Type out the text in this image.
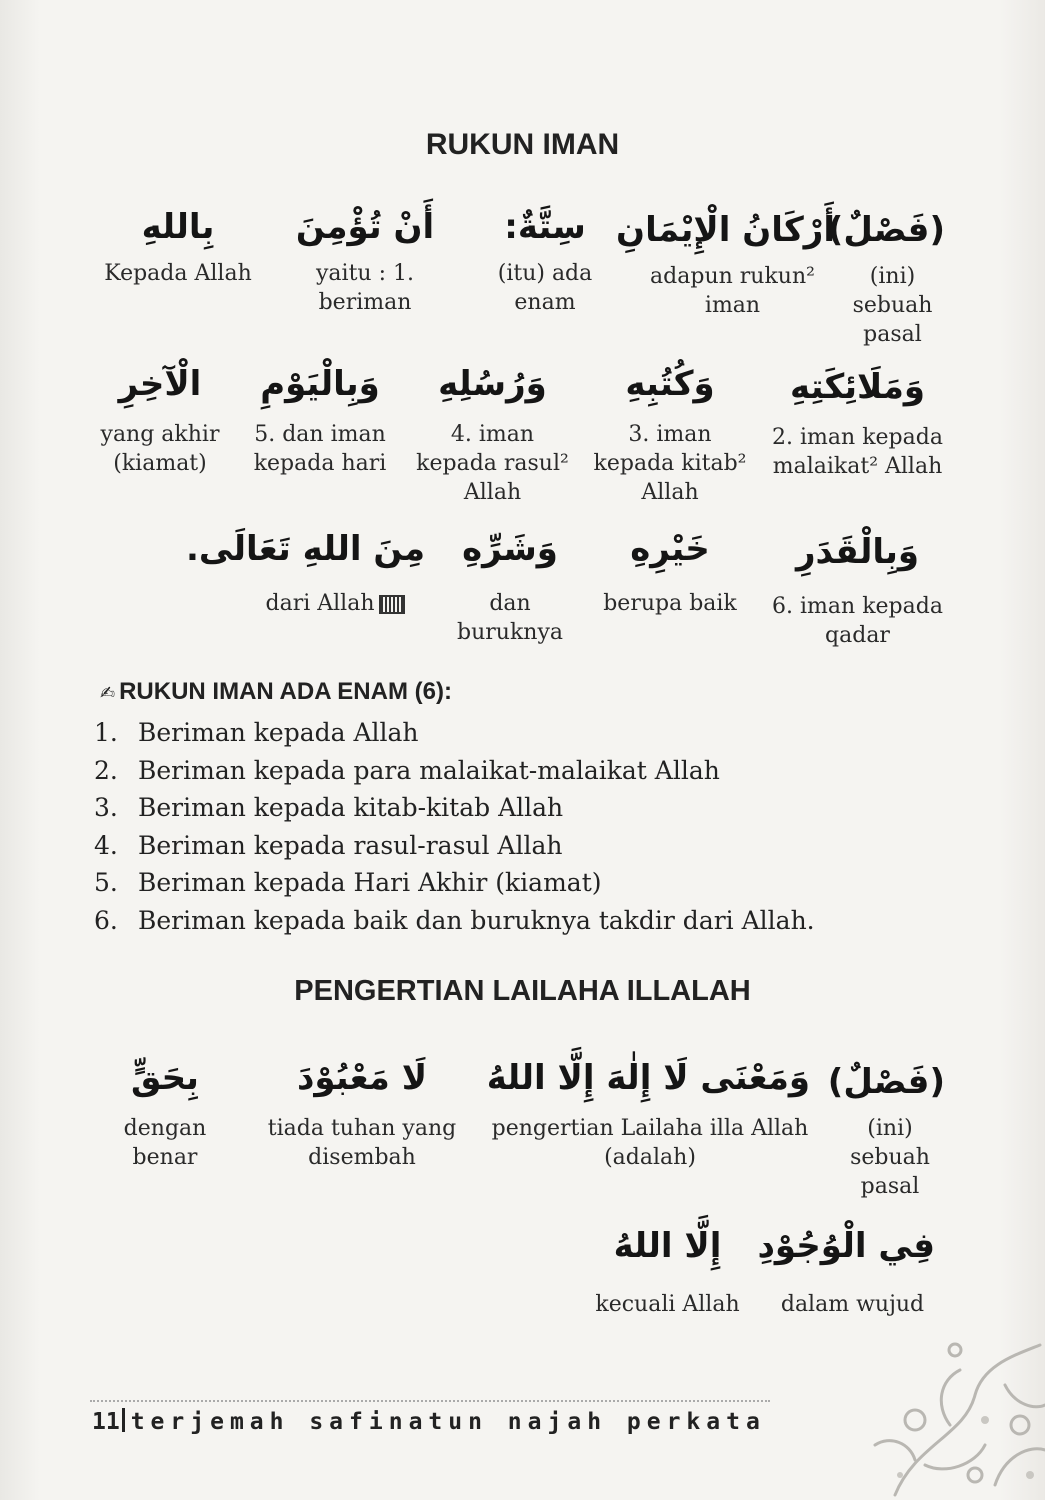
RUKUN IMAN
بِاللهِ
Kepada Allah
أَنْ تُؤْمِنَ
yaitu : 1.
beriman
سِتَّةٌ:
(itu) ada
enam
أَرْكَانُ الْإِيْمَانِ
adapun rukun²
iman
(فَصْلٌ)
(ini)
sebuah
pasal
الْآخِرِ
yang akhir
(kiamat)
وَبِالْيَوْمِ
5. dan iman
kepada hari
وَرُسُلِهِ
4. iman
kepada rasul²
Allah
وَكُتُبِهِ
3. iman
kepada kitab²
Allah
وَمَلَائِكَتِهِ
2. iman kepada
malaikat² Allah
مِنَ اللهِ تَعَالَى.
dari Allah
وَشَرِّهِ
dan
buruknya
خَيْرِهِ
berupa baik
وَبِالْقَدَرِ
6. iman kepada
qadar
✍ RUKUN IMAN ADA ENAM (6):
1. Beriman kepada Allah
2. Beriman kepada para malaikat-malaikat Allah
3. Beriman kepada kitab-kitab Allah
4. Beriman kepada rasul-rasul Allah
5. Beriman kepada Hari Akhir (kiamat)
6. Beriman kepada baik dan buruknya takdir dari Allah.
PENGERTIAN LAILAHA ILLALAH
بِحَقٍّ
dengan
benar
لَا مَعْبُوْدَ
tiada tuhan yang
disembah
وَمَعْنَى لَا إِلٰهَ إِلَّا اللهُ
pengertian Lailaha illa Allah
(adalah)
(فَصْلٌ)
(ini)
sebuah
pasal
إِلَّا اللهُ
kecuali Allah
فِي الْوُجُوْدِ
dalam wujud
11 terjemah safinatun najah perkata
